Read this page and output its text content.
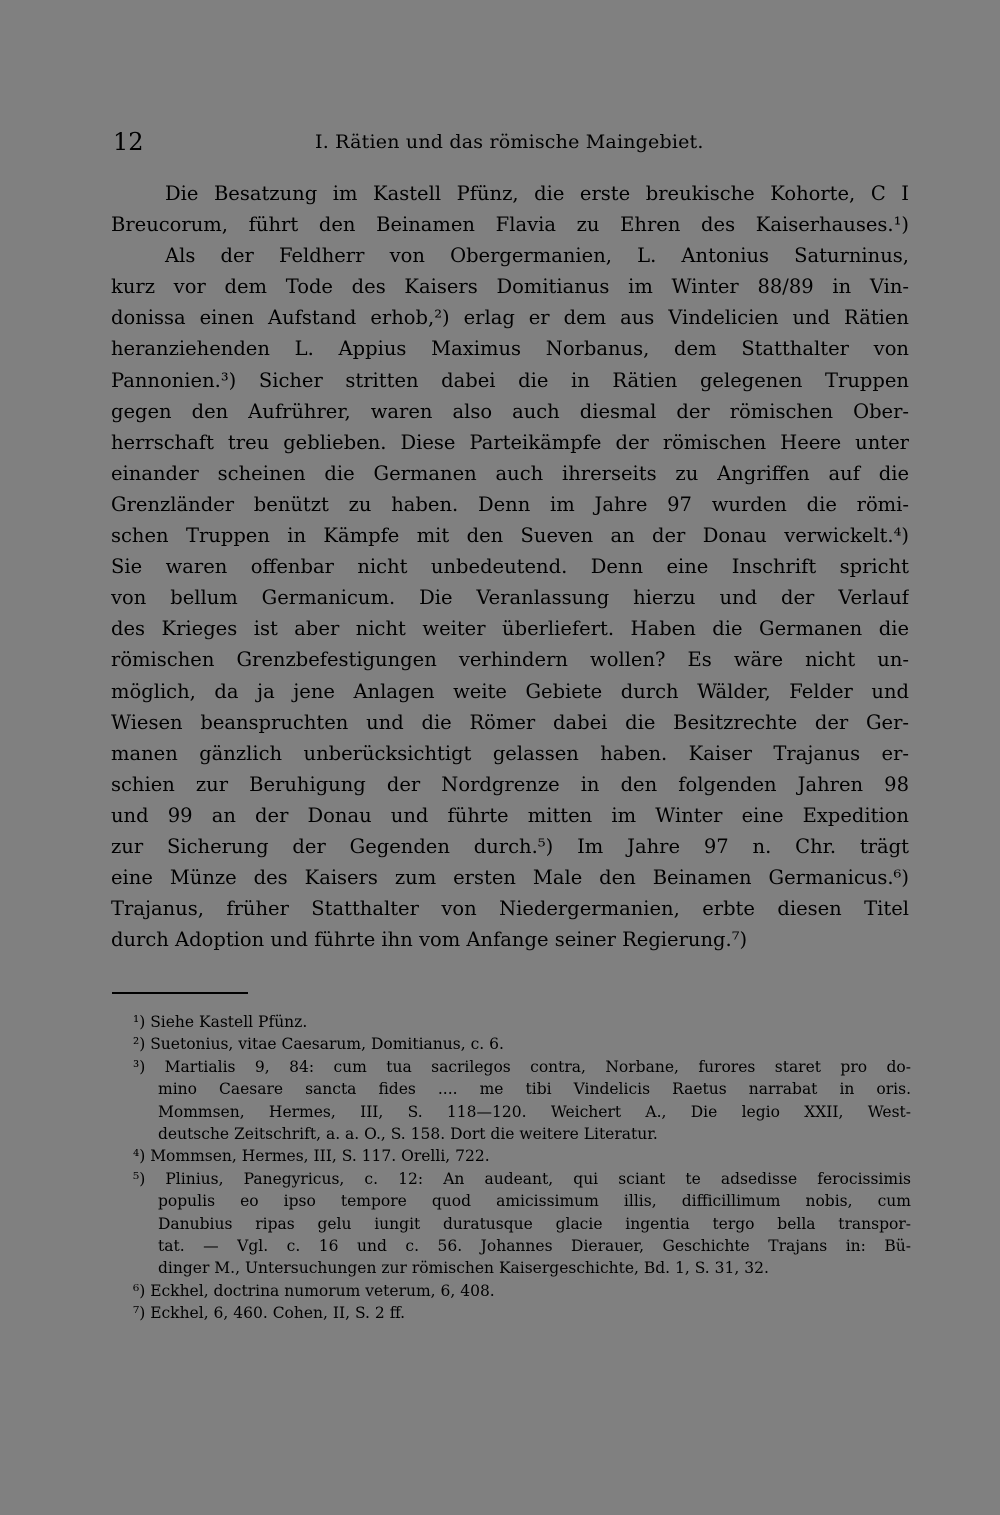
12	I. Rätien und das römische Maingebiet.
Die Besatzung im Kastell Pfünz, die erste breukische Kohorte, C I
Breucorum, führt den Beinamen Flavia zu Ehren des Kaiserhauses.¹)
Als der Feldherr von Obergermanien, L. Antonius Saturninus,
kurz vor dem Tode des Kaisers Domitianus im Winter 88/89 in Vin-
donissa einen Aufstand erhob,²) erlag er dem aus Vindelicien und Rätien
heranziehenden L. Appius Maximus Norbanus, dem Statthalter von
Pannonien.³) Sicher stritten dabei die in Rätien gelegenen Truppen
gegen den Aufrührer, waren also auch diesmal der römischen Ober-
herrschaft treu geblieben. Diese Parteikämpfe der römischen Heere unter
einander scheinen die Germanen auch ihrerseits zu Angriffen auf die
Grenzländer benützt zu haben. Denn im Jahre 97 wurden die römi-
schen Truppen in Kämpfe mit den Sueven an der Donau verwickelt.⁴)
Sie waren offenbar nicht unbedeutend. Denn eine Inschrift spricht
von bellum Germanicum. Die Veranlassung hierzu und der Verlauf
des Krieges ist aber nicht weiter überliefert. Haben die Germanen die
römischen Grenzbefestigungen verhindern wollen? Es wäre nicht un-
möglich, da ja jene Anlagen weite Gebiete durch Wälder, Felder und
Wiesen beanspruchten und die Römer dabei die Besitzrechte der Ger-
manen gänzlich unberücksichtigt gelassen haben. Kaiser Trajanus er-
schien zur Beruhigung der Nordgrenze in den folgenden Jahren 98
und 99 an der Donau und führte mitten im Winter eine Expedition
zur Sicherung der Gegenden durch.⁵) Im Jahre 97 n. Chr. trägt
eine Münze des Kaisers zum ersten Male den Beinamen Germanicus.⁶)
Trajanus, früher Statthalter von Niedergermanien, erbte diesen Titel
durch Adoption und führte ihn vom Anfange seiner Regierung.⁷)
¹) Siehe Kastell Pfünz.
²) Suetonius, vitae Caesarum, Domitianus, c. 6.
³) Martialis 9, 84: cum tua sacrilegos contra, Norbane, furores staret pro do-
mino Caesare sancta fides .... me tibi Vindelicis Raetus narrabat in oris.
Mommsen, Hermes, III, S. 118—120. Weichert A., Die legio XXII, West-
deutsche Zeitschrift, a. a. O., S. 158. Dort die weitere Literatur.
⁴) Mommsen, Hermes, III, S. 117. Orelli, 722.
⁵) Plinius, Panegyricus, c. 12: An audeant, qui sciant te adsedisse ferocissimis
populis eo ipso tempore quod amicissimum illis, difficillimum nobis, cum
Danubius ripas gelu iungit duratusque glacie ingentia tergo bella transpor-
tat. — Vgl. c. 16 und c. 56. Johannes Dierauer, Geschichte Trajans in: Bü-
dinger M., Untersuchungen zur römischen Kaisergeschichte, Bd. 1, S. 31, 32.
⁶) Eckhel, doctrina numorum veterum, 6, 408.
⁷) Eckhel, 6, 460. Cohen, II, S. 2 ff.
